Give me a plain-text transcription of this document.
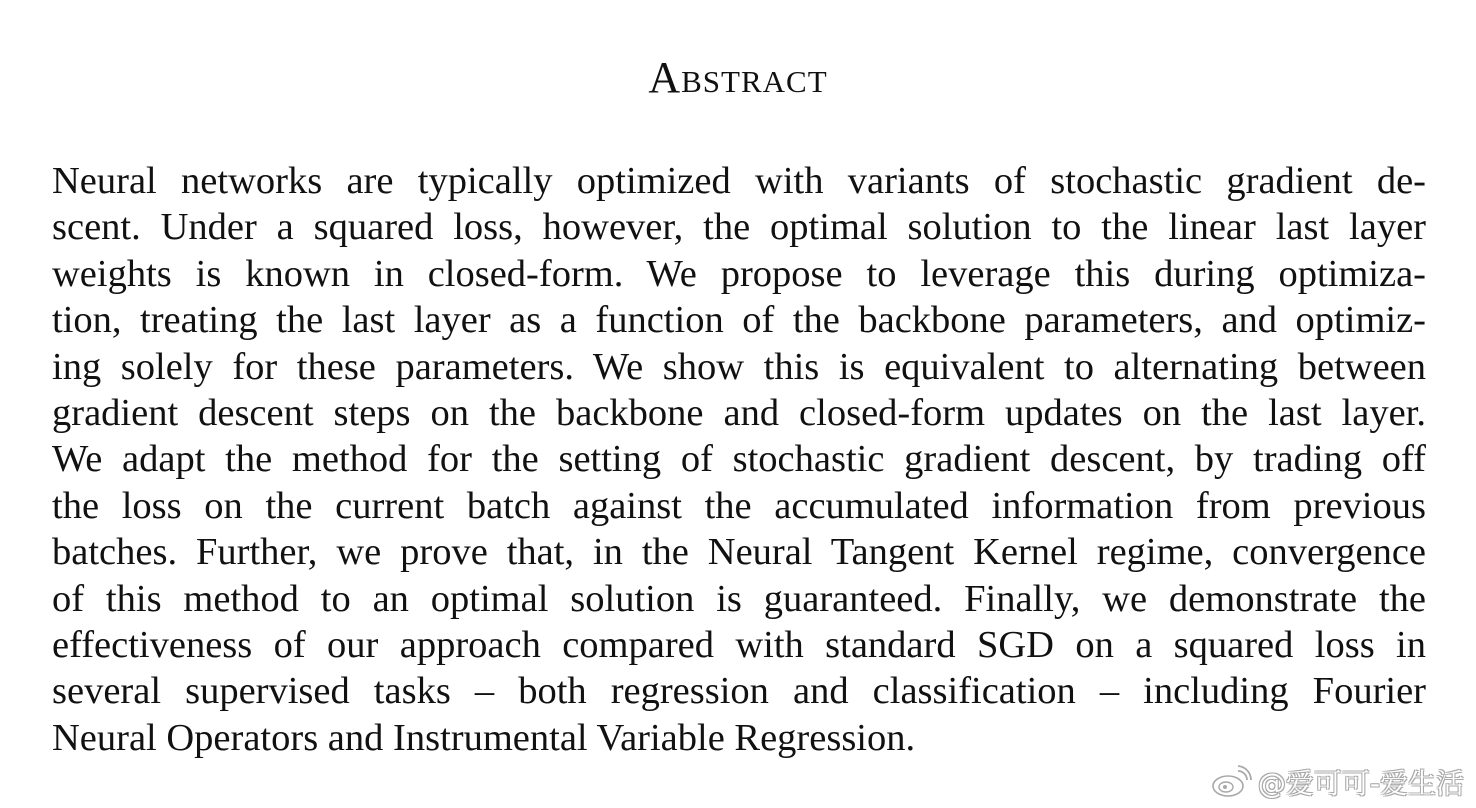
Abstract
Neural networks are typically optimized with variants of stochastic gradient de-
scent. Under a squared loss, however, the optimal solution to the linear last layer
weights is known in closed-form. We propose to leverage this during optimiza-
tion, treating the last layer as a function of the backbone parameters, and optimiz-
ing solely for these parameters. We show this is equivalent to alternating between
gradient descent steps on the backbone and closed-form updates on the last layer.
We adapt the method for the setting of stochastic gradient descent, by trading off
the loss on the current batch against the accumulated information from previous
batches. Further, we prove that, in the Neural Tangent Kernel regime, convergence
of this method to an optimal solution is guaranteed. Finally, we demonstrate the
effectiveness of our approach compared with standard SGD on a squared loss in
several supervised tasks – both regression and classification – including Fourier
Neural Operators and Instrumental Variable Regression.
@爱可可-爱生活
